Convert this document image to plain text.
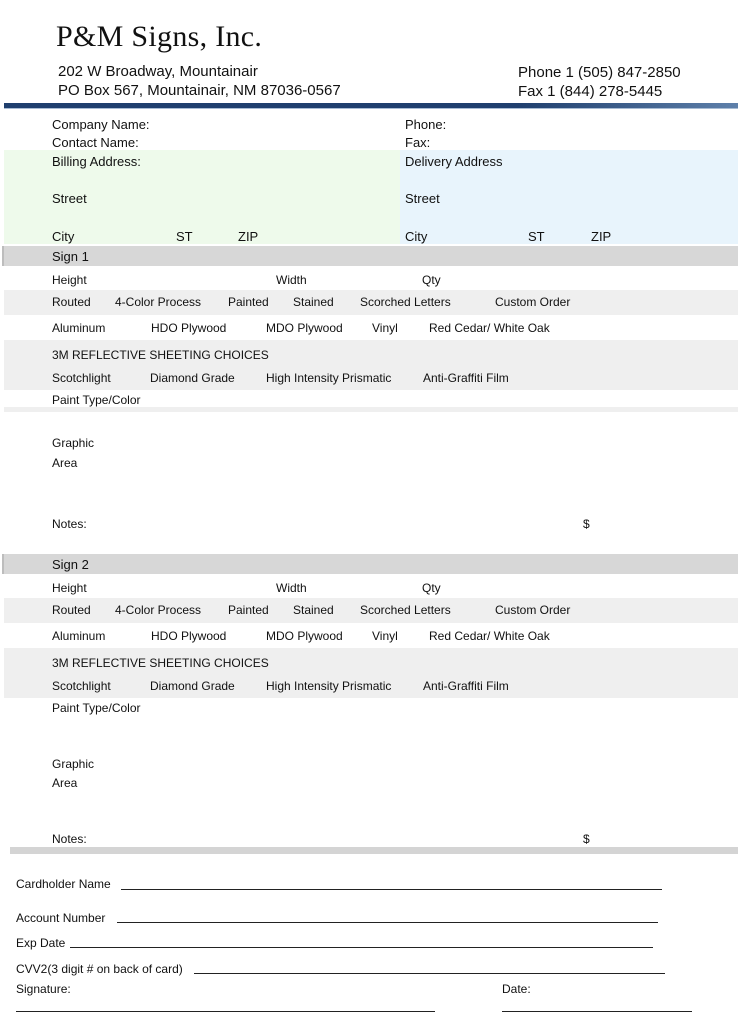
P&M Signs, Inc.
202 W Broadway, Mountainair
PO Box 567, Mountainair, NM 87036-0567
Phone 1 (505) 847-2850
Fax 1 (844) 278-5445
Company Name:
Contact Name:
Phone:
Fax:
Billing Address:
Street
City	ST	ZIP
Delivery Address
Street
City	ST	ZIP
Sign 1
Height	Width	Qty
Routed 4-Color Process Painted Stained Scorched Letters	Custom Order
Aluminum	HDO Plywood	MDO Plywood Vinyl	Red Cedar/ White Oak
3M REFLECTIVE SHEETING CHOICES
Scotchlight	Diamond Grade	High Intensity Prismatic	Anti-Graffiti Film
Paint Type/Color
Graphic
Area
Notes:	$
Sign 2
Height	Width	Qty
Routed 4-Color Process Painted Stained Scorched Letters	Custom Order
Aluminum	HDO Plywood	MDO Plywood Vinyl	Red Cedar/ White Oak
3M REFLECTIVE SHEETING CHOICES
Scotchlight	Diamond Grade	High Intensity Prismatic	Anti-Graffiti Film
Paint Type/Color
Graphic
Area
Notes:	$
Cardholder Name
Account Number
Exp Date
CVV2(3 digit # on back of card)
Signature:	Date:
